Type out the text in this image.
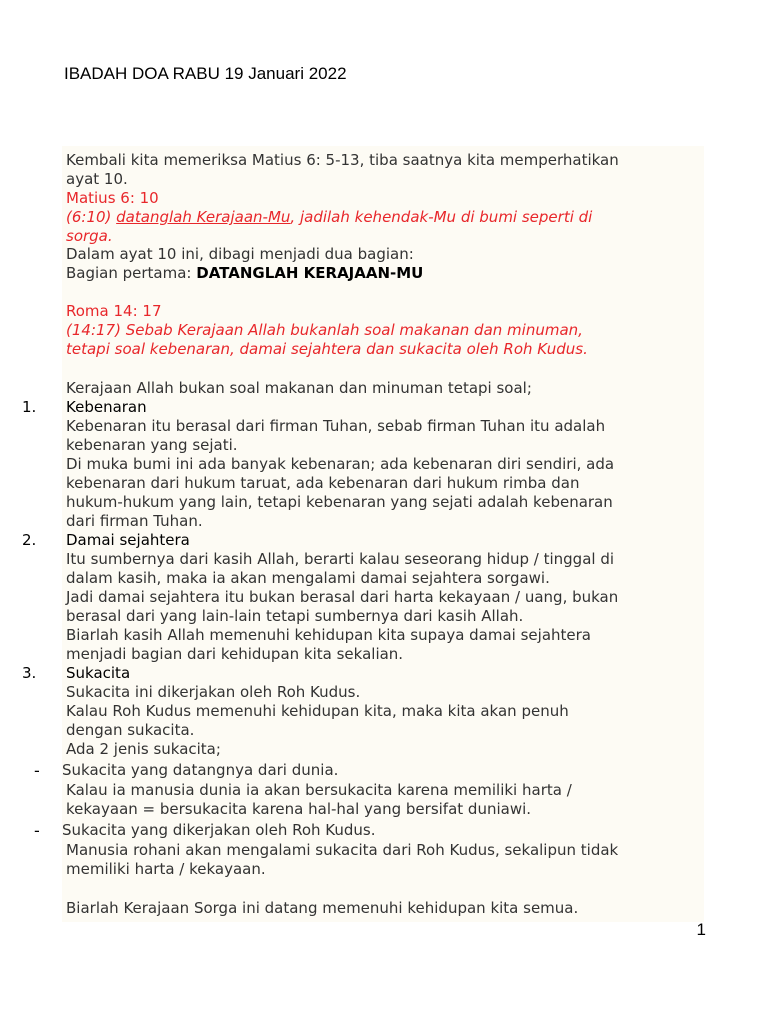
IBADAH DOA RABU 19 Januari 2022
Kembali kita memeriksa Matius 6: 5-13, tiba saatnya kita memperhatikan
ayat 10.
Matius 6: 10
(6:10) datanglah Kerajaan-Mu, jadilah kehendak-Mu di bumi seperti di
sorga.
Dalam ayat 10 ini, dibagi menjadi dua bagian:
Bagian pertama: DATANGLAH KERAJAAN-MU
Roma 14: 17
(14:17) Sebab Kerajaan Allah bukanlah soal makanan dan minuman,
tetapi soal kebenaran, damai sejahtera dan sukacita oleh Roh Kudus.
Kerajaan Allah bukan soal makanan dan minuman tetapi soal;
1. Kebenaran
Kebenaran itu berasal dari firman Tuhan, sebab firman Tuhan itu adalah
kebenaran yang sejati.
Di muka bumi ini ada banyak kebenaran; ada kebenaran diri sendiri, ada
kebenaran dari hukum taruat, ada kebenaran dari hukum rimba dan
hukum-hukum yang lain, tetapi kebenaran yang sejati adalah kebenaran
dari firman Tuhan.
2. Damai sejahtera
Itu sumbernya dari kasih Allah, berarti kalau seseorang hidup / tinggal di
dalam kasih, maka ia akan mengalami damai sejahtera sorgawi.
Jadi damai sejahtera itu bukan berasal dari harta kekayaan / uang, bukan
berasal dari yang lain-lain tetapi sumbernya dari kasih Allah.
Biarlah kasih Allah memenuhi kehidupan kita supaya damai sejahtera
menjadi bagian dari kehidupan kita sekalian.
3. Sukacita
Sukacita ini dikerjakan oleh Roh Kudus.
Kalau Roh Kudus memenuhi kehidupan kita, maka kita akan penuh
dengan sukacita.
Ada 2 jenis sukacita;
- Sukacita yang datangnya dari dunia.
Kalau ia manusia dunia ia akan bersukacita karena memiliki harta /
kekayaan = bersukacita karena hal-hal yang bersifat duniawi.
- Sukacita yang dikerjakan oleh Roh Kudus.
Manusia rohani akan mengalami sukacita dari Roh Kudus, sekalipun tidak
memiliki harta / kekayaan.
Biarlah Kerajaan Sorga ini datang memenuhi kehidupan kita semua.
1
